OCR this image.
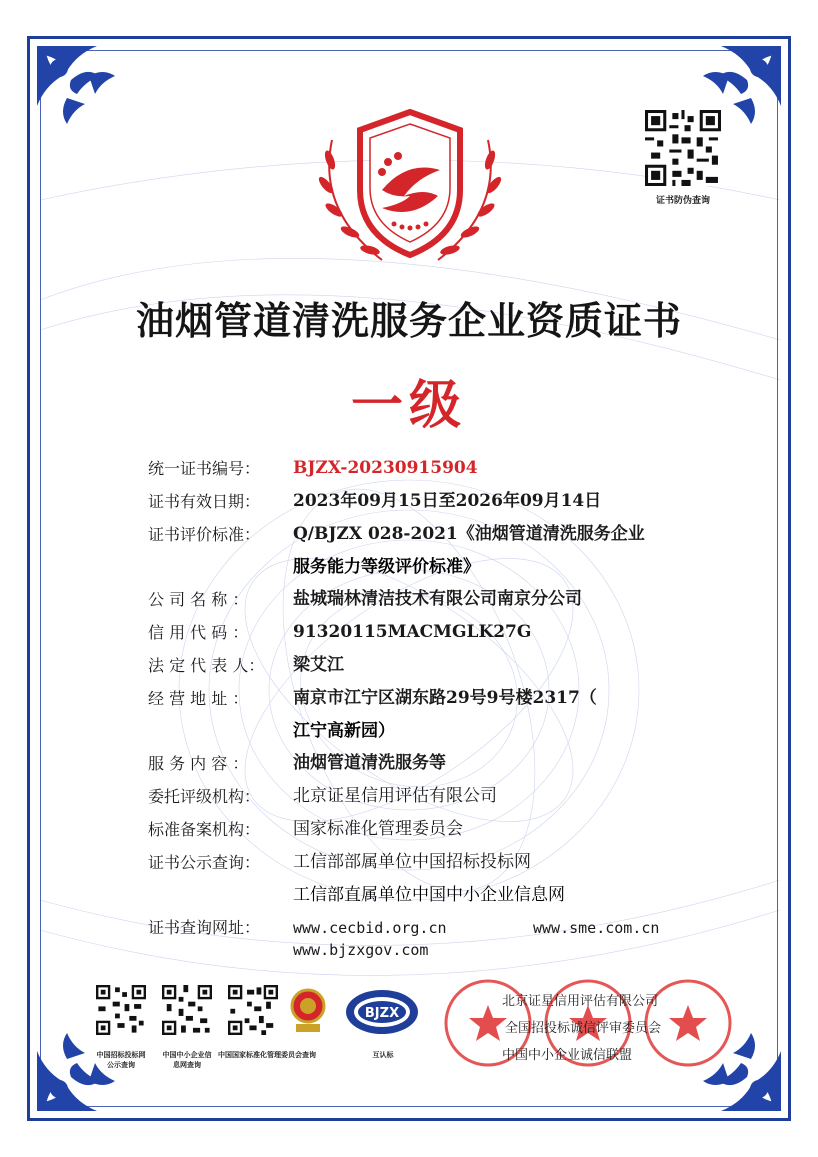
证书防伪查询
油烟管道清洗服务企业资质证书
一级
统一证书编号：	BJZX-20230915904
证书有效日期：	2023年09月15日至2026年09月14日
证书评价标准：	Q/BJZX 028-2021《油烟管道清洗服务企业
服务能力等级评价标准》
公 司 名 称 ：	盐城瑞林清洁技术有限公司南京分公司
信 用 代 码 ：	91320115MACMGLK27G
法 定 代 表 人：	梁艾江
经 营 地 址 ：	南京市江宁区湖东路29号9号楼2317（
江宁高新园）
服 务 内 容 ：	油烟管道清洗服务等
委托评级机构：	北京证星信用评估有限公司
标准备案机构：	国家标准化管理委员会
证书公示查询：	工信部部属单位中国招标投标网
工信部直属单位中国中小企业信息网
证书查询网址：	www.cecbid.org.cn	www.sme.com.cn
www.bjzxgov.com
中国招标投标网
公示查询
中国中小企业信
息网查询
中国国家标准化管理委员会查询
BJZX
互认标
北京证星信用评估有限公司
全国招投标诚信评审委员会
中国中小企业诚信联盟
